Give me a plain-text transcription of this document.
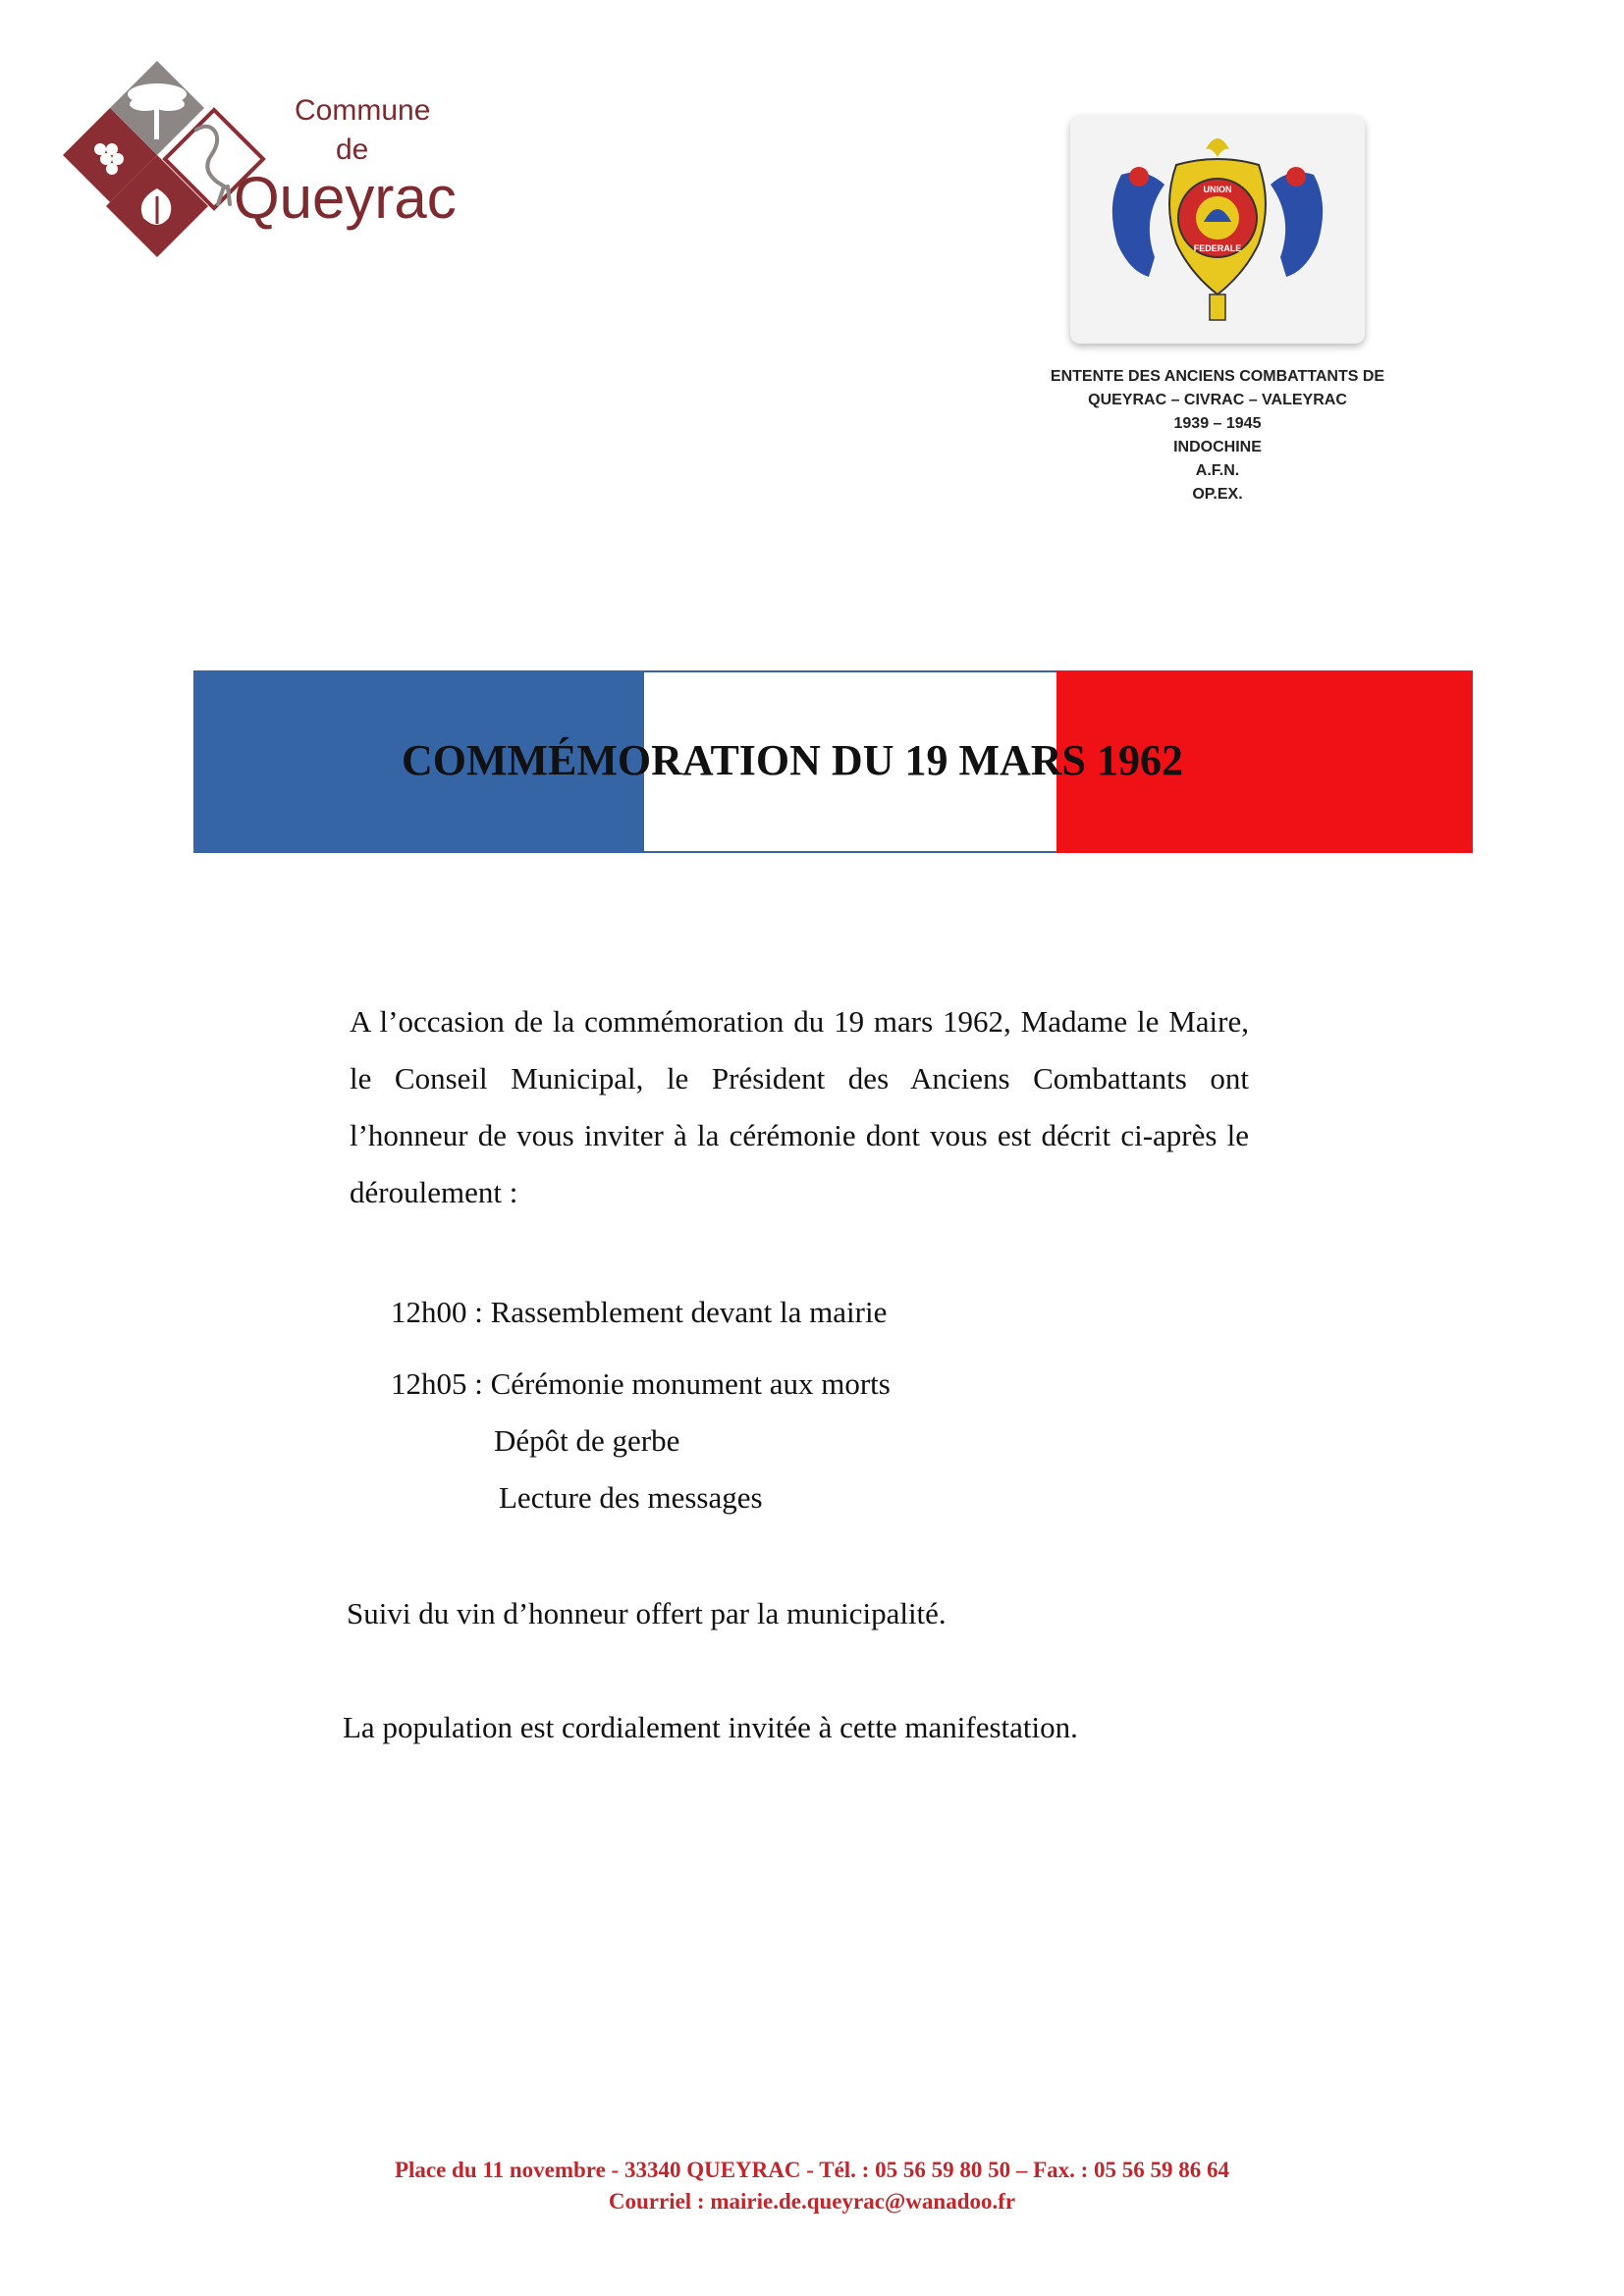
Commune
de
Queyrac	UNION
FEDERALE
ENTENTE DES ANCIENS COMBATTANTS DE
QUEYRAC – CIVRAC – VALEYRAC
1939 – 1945
INDOCHINE
A.F.N.
OP.EX.
COMMÉMORATION DU 19 MARS 1962
A l’occasion de la commémoration du 19 mars 1962, Madame le Maire, le Conseil Municipal, le Président des Anciens Combattants ont l’honneur de vous inviter à la cérémonie dont vous est décrit ci-après le déroulement :
12h00 : Rassemblement devant la mairie
12h05 : Cérémonie monument aux morts
Dépôt de gerbe
Lecture des messages
Suivi du vin d’honneur offert par la municipalité.
La population est cordialement invitée à cette manifestation.
Place du 11 novembre - 33340 QUEYRAC - Tél. : 05 56 59 80 50 – Fax. : 05 56 59 86 64
Courriel : mairie.de.queyrac@wanadoo.fr
